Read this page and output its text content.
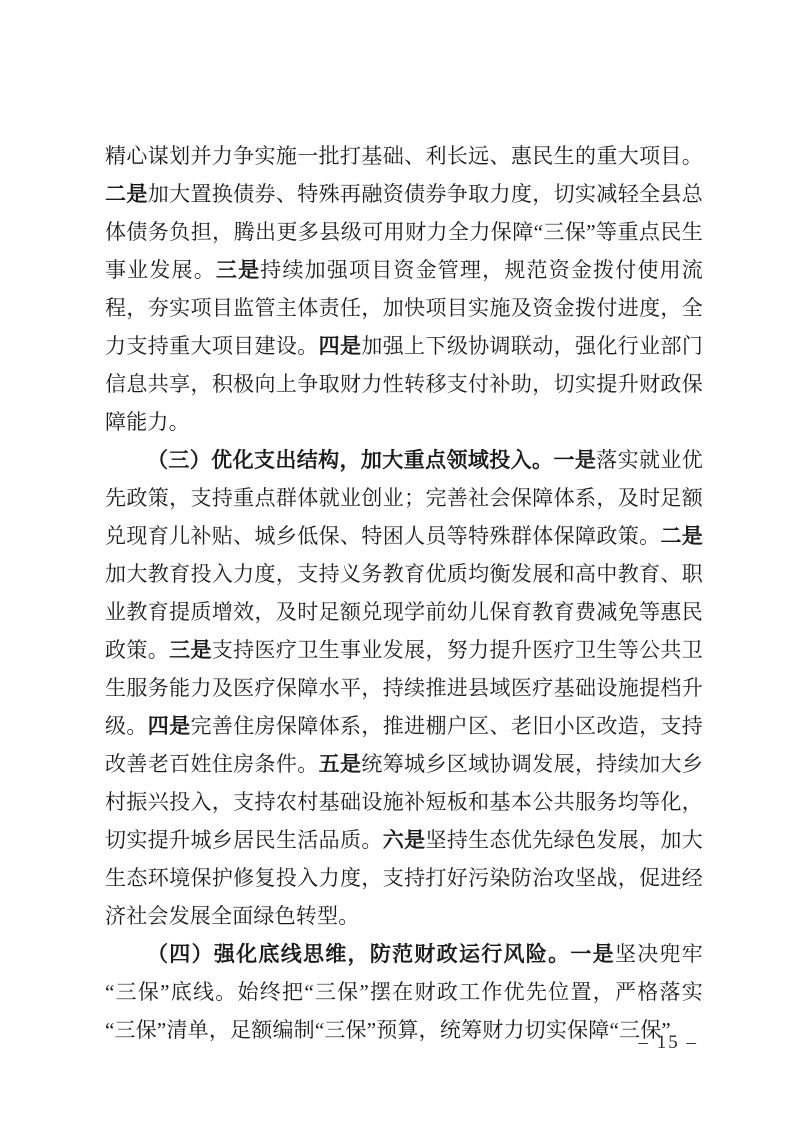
精心谋划并力争实施一批打基础、利长远、惠民生的重大项目。二是加大置换债券、特殊再融资债券争取力度，切实减轻全县总体债务负担，腾出更多县级可用财力全力保障“三保”等重点民生事业发展。三是持续加强项目资金管理，规范资金拨付使用流程，夯实项目监管主体责任，加快项目实施及资金拨付进度，全力支持重大项目建设。四是加强上下级协调联动，强化行业部门信息共享，积极向上争取财力性转移支付补助，切实提升财政保障能力。

（三）优化支出结构，加大重点领域投入。一是落实就业优先政策，支持重点群体就业创业；完善社会保障体系，及时足额兑现育儿补贴、城乡低保、特困人员等特殊群体保障政策。二是加大教育投入力度，支持义务教育优质均衡发展和高中教育、职业教育提质增效，及时足额兑现学前幼儿保育教育费减免等惠民政策。三是支持医疗卫生事业发展，努力提升医疗卫生等公共卫生服务能力及医疗保障水平，持续推进县域医疗基础设施提档升级。四是完善住房保障体系，推进棚户区、老旧小区改造，支持改善老百姓住房条件。五是统筹城乡区域协调发展，持续加大乡村振兴投入，支持农村基础设施补短板和基本公共服务均等化，切实提升城乡居民生活品质。六是坚持生态优先绿色发展，加大生态环境保护修复投入力度，支持打好污染防治攻坚战，促进经济社会发展全面绿色转型。

（四）强化底线思维，防范财政运行风险。一是坚决兜牢“三保”底线。始终把“三保”摆在财政工作优先位置，严格落实“三保”清单，足额编制“三保”预算，统筹财力切实保障“三保”

– 15 –
